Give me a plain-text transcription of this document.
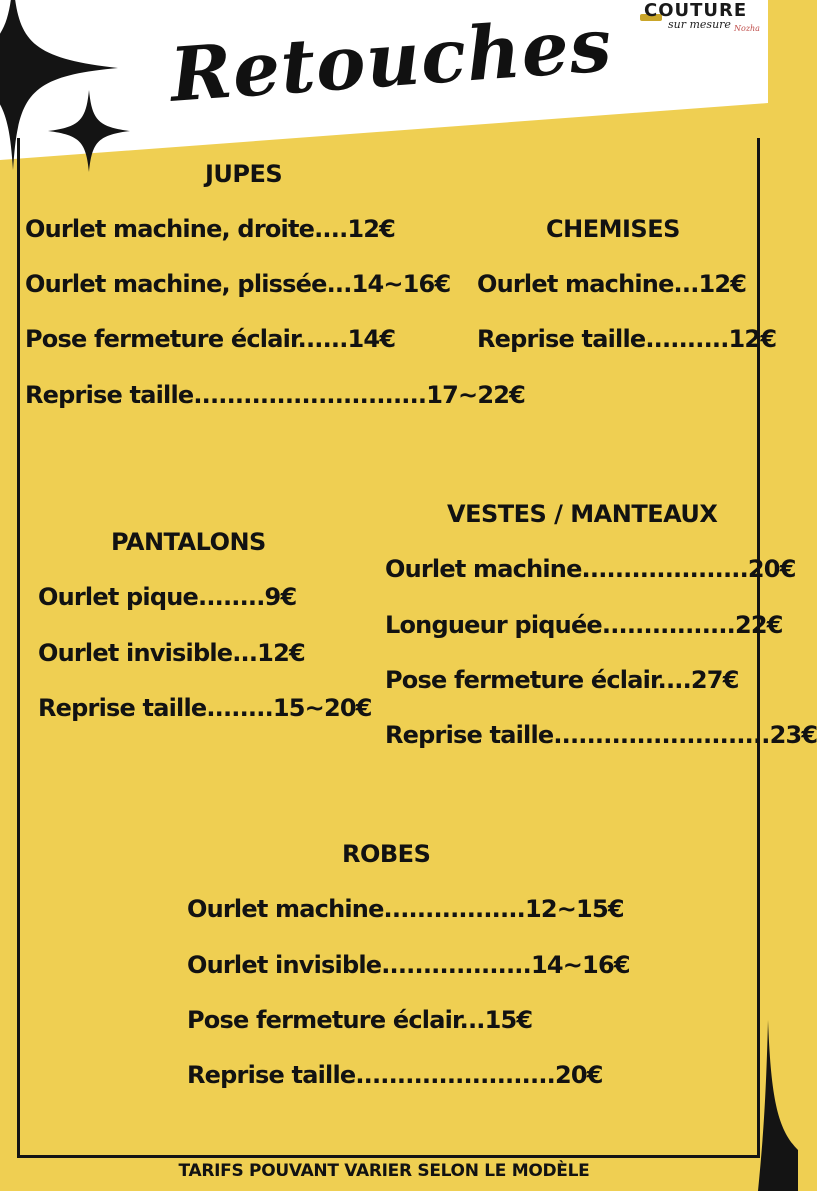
Retouches COUTURE
sur mesure Nozha
JUPES
Ourlet machine, droite....12€
Ourlet machine, plissée...14~16€
Pose fermeture éclair......14€
Reprise taille............................17~22€
CHEMISES
Ourlet machine...12€
Reprise taille..........12€
VESTES / MANTEAUX
Ourlet machine....................20€
Longueur piquée................22€
Pose fermeture éclair....27€
Reprise taille..........................23€
PANTALONS
Ourlet pique........9€
Ourlet invisible...12€
Reprise taille........15~20€
ROBES
Ourlet machine.................12~15€
Ourlet invisible..................14~16€
Pose fermeture éclair...15€
Reprise taille........................20€
TARIFS POUVANT VARIER SELON LE MODÈLE
